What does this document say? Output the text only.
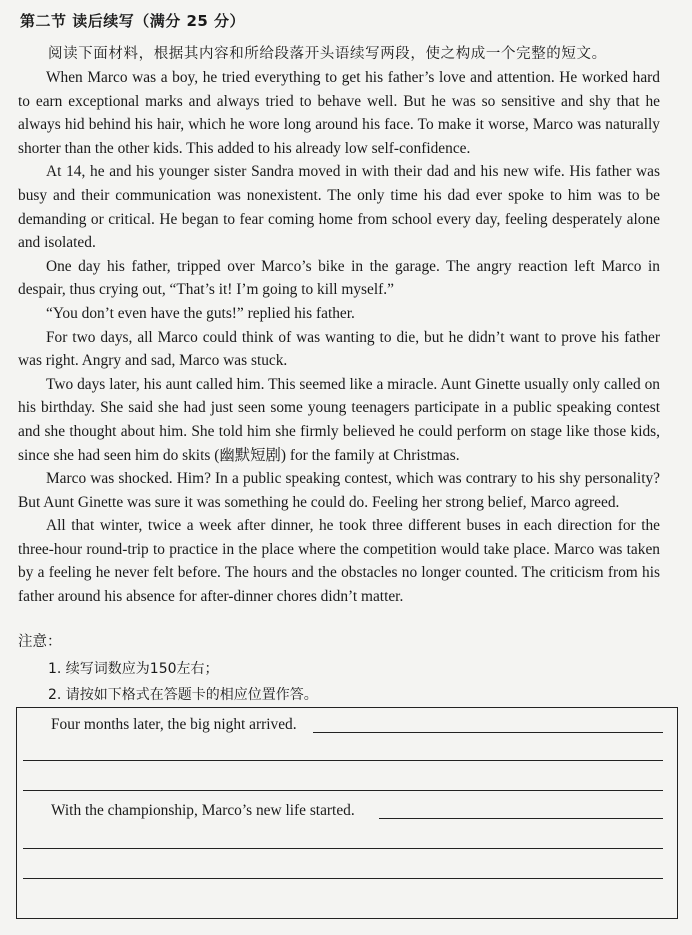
第二节 读后续写（满分 25 分）
阅读下面材料，根据其内容和所给段落开头语续写两段，使之构成一个完整的短文。

When Marco was a boy, he tried everything to get his father’s love and attention. He worked hard to earn exceptional marks and always tried to behave well. But he was so sensitive and shy that he always hid behind his hair, which he wore long around his face. To make it worse, Marco was naturally shorter than the other kids. This added to his already low self-confidence.

At 14, he and his younger sister Sandra moved in with their dad and his new wife. His father was busy and their communication was nonexistent. The only time his dad ever spoke to him was to be demanding or critical. He began to fear coming home from school every day, feeling desperately alone and isolated.

One day his father, tripped over Marco’s bike in the garage. The angry reaction left Marco in despair, thus crying out, “That’s it! I’m going to kill myself.”

“You don’t even have the guts!” replied his father.

For two days, all Marco could think of was wanting to die, but he didn’t want to prove his father was right. Angry and sad, Marco was stuck.

Two days later, his aunt called him. This seemed like a miracle. Aunt Ginette usually only called on his birthday. She said she had just seen some young teenagers participate in a public speaking contest and she thought about him. She told him she firmly believed he could perform on stage like those kids, since she had seen him do skits (幽默短剧) for the family at Christmas.

Marco was shocked. Him? In a public speaking contest, which was contrary to his shy personality? But Aunt Ginette was sure it was something he could do. Feeling her strong belief, Marco agreed.

All that winter, twice a week after dinner, he took three different buses in each direction for the three-hour round-trip to practice in the place where the competition would take place. Marco was taken by a feeling he never felt before. The hours and the obstacles no longer counted. The criticism from his father around his absence for after-dinner chores didn’t matter.

注意：
1. 续写词数应为150左右；
2. 请按如下格式在答题卡的相应位置作答。
Four months later, the big night arrived.
With the championship, Marco’s new life started.
